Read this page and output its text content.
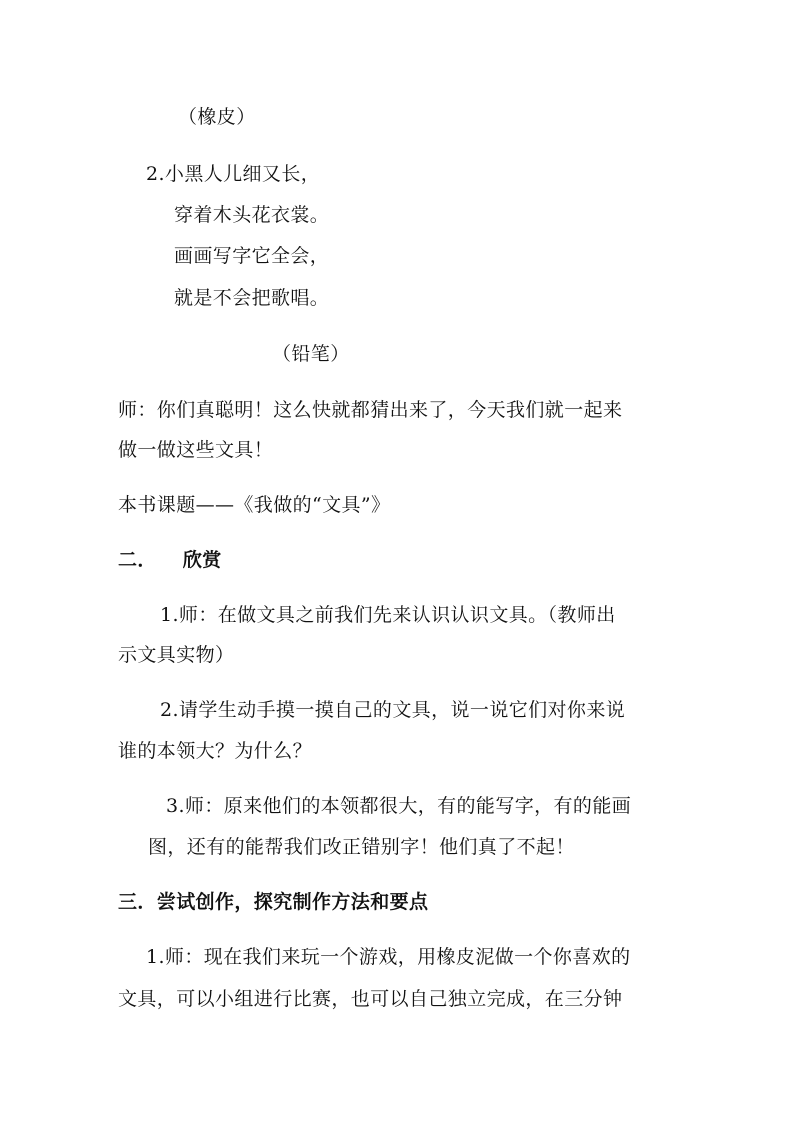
（橡皮）
2.小黑人儿细又长，
穿着木头花衣裳。
画画写字它全会，
就是不会把歌唱。
（铅笔）
师：你们真聪明！这么快就都猜出来了，今天我们就一起来
做一做这些文具！
本书课题——《我做的“文具”》
二． 欣赏
1.师：在做文具之前我们先来认识认识文具。（教师出
示文具实物）
2.请学生动手摸一摸自己的文具，说一说它们对你来说
谁的本领大？为什么？
3.师：原来他们的本领都很大，有的能写字，有的能画
图，还有的能帮我们改正错别字！他们真了不起！
三．尝试创作，探究制作方法和要点
1.师：现在我们来玩一个游戏，用橡皮泥做一个你喜欢的
文具，可以小组进行比赛，也可以自己独立完成，在三分钟
